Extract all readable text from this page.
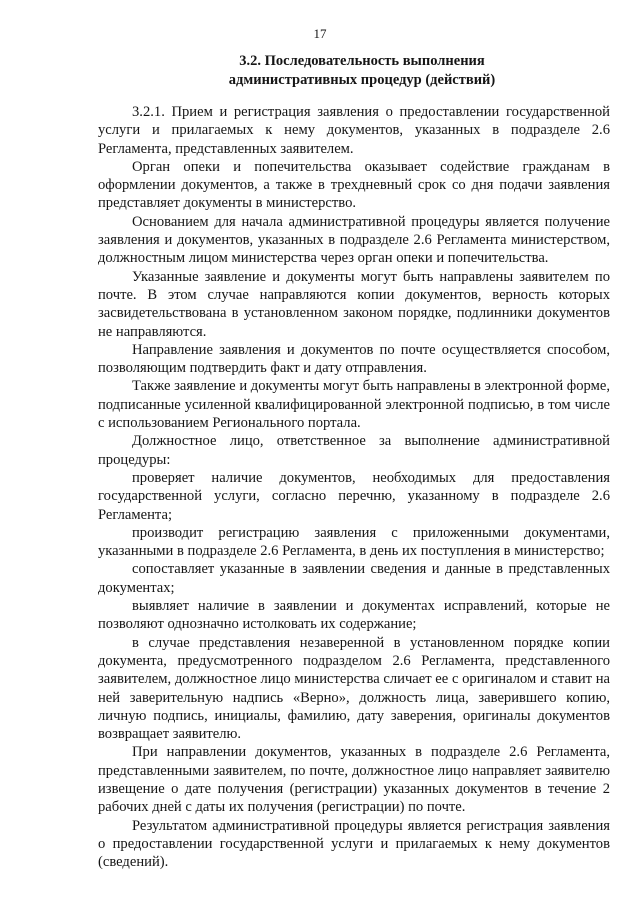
17
3.2. Последовательность выполнения
административных процедур (действий)

3.2.1. Прием и регистрация заявления о предоставлении государственной услуги и прилагаемых к нему документов, указанных в подразделе 2.6 Регламента, представленных заявителем.

Орган опеки и попечительства оказывает содействие гражданам в оформлении документов, а также в трехдневный срок со дня подачи заявления представляет документы в министерство.

Основанием для начала административной процедуры является получение заявления и документов, указанных в подразделе 2.6 Регламента министерством, должностным лицом министерства через орган опеки и попечительства.

Указанные заявление и документы могут быть направлены заявителем по почте. В этом случае направляются копии документов, верность которых засвидетельствована в установленном законом порядке, подлинники документов не направляются.

Направление заявления и документов по почте осуществляется способом, позволяющим подтвердить факт и дату отправления.

Также заявление и документы могут быть направлены в электронной форме, подписанные усиленной квалифицированной электронной подписью, в том числе с использованием Регионального портала.

Должностное лицо, ответственное за выполнение административной процедуры:

проверяет наличие документов, необходимых для предоставления государственной услуги, согласно перечню, указанному в подразделе 2.6 Регламента;

производит регистрацию заявления с приложенными документами, указанными в подразделе 2.6 Регламента, в день их поступления в министерство;

сопоставляет указанные в заявлении сведения и данные в представленных документах;

выявляет наличие в заявлении и документах исправлений, которые не позволяют однозначно истолковать их содержание;

в случае представления незаверенной в установленном порядке копии документа, предусмотренного подразделом 2.6 Регламента, представленного заявителем, должностное лицо министерства сличает ее с оригиналом и ставит на ней заверительную надпись «Верно», должность лица, заверившего копию, личную подпись, инициалы, фамилию, дату заверения, оригиналы документов возвращает заявителю.

При направлении документов, указанных в подразделе 2.6 Регламента, представленными заявителем, по почте, должностное лицо направляет заявителю извещение о дате получения (регистрации) указанных документов в течение 2 рабочих дней с даты их получения (регистрации) по почте.

Результатом административной процедуры является регистрация заявления о предоставлении государственной услуги и прилагаемых к нему документов (сведений).
